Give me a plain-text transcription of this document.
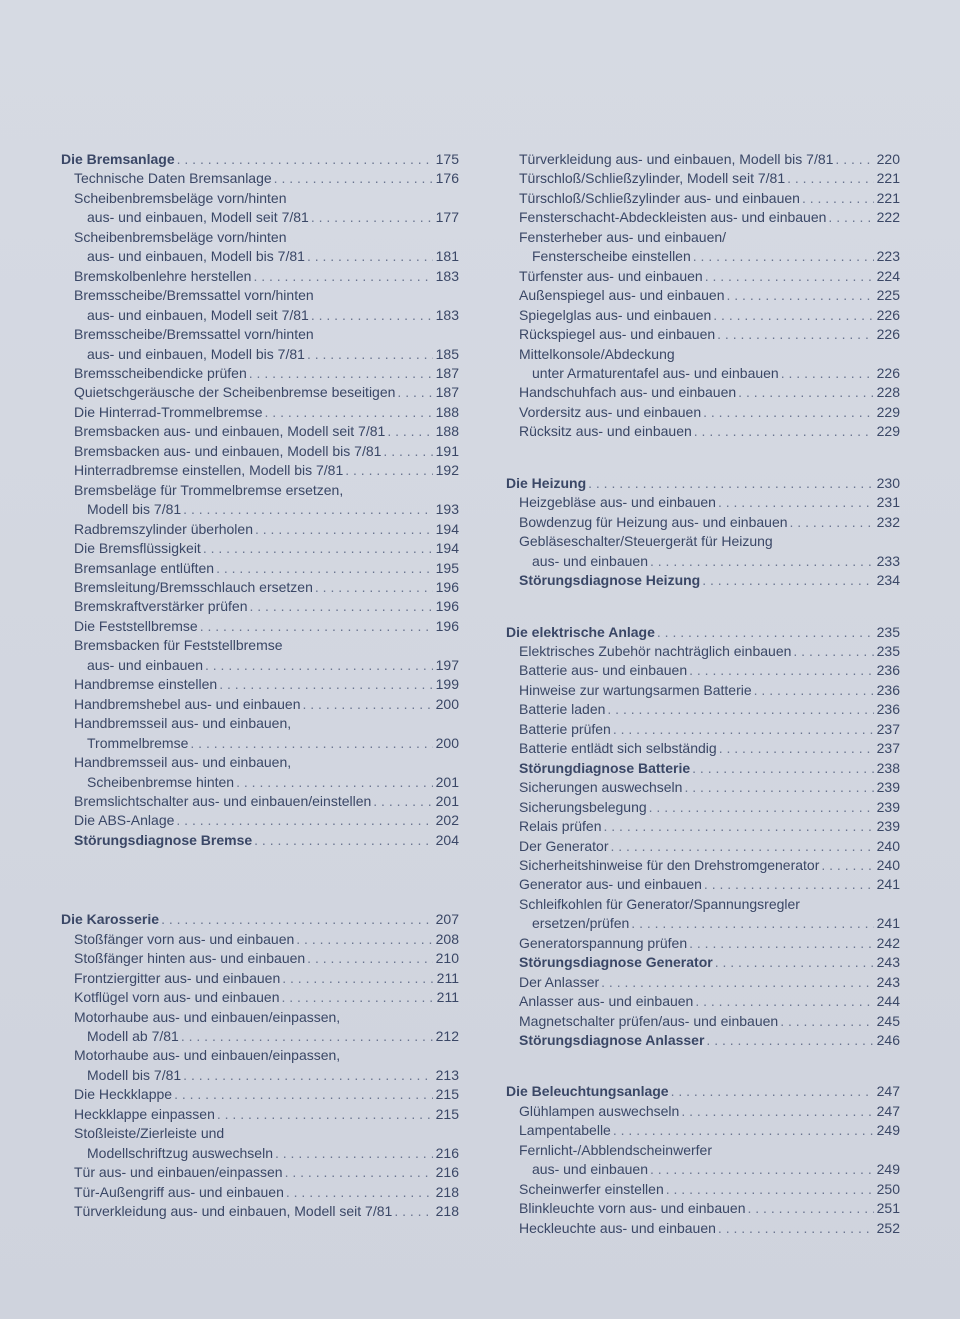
Die Bremsanlage . . .	175
Technische Daten Bremsanlage . . .	176
Scheibenbremsbeläge vorn/hinten
aus- und einbauen, Modell seit 7/81 . . .	177
Scheibenbremsbeläge vorn/hinten
aus- und einbauen, Modell bis 7/81 . . .	181
Bremskolbenlehre herstellen . . .	183
Bremsscheibe/Bremssattel vorn/hinten
aus- und einbauen, Modell seit 7/81 . . .	183
Bremsscheibe/Bremssattel vorn/hinten
aus- und einbauen, Modell bis 7/81 . . .	185
Bremsscheibendicke prüfen . . .	187
Quietschgeräusche der Scheibenbremse beseitigen . . .	187
Die Hinterrad-Trommelbremse . . .	188
Bremsbacken aus- und einbauen, Modell seit 7/81 . . .	188
Bremsbacken aus- und einbauen, Modell bis 7/81 . . .	191
Hinterradbremse einstellen, Modell bis 7/81 . . .	192
Bremsbeläge für Trommelbremse ersetzen,
Modell bis 7/81 . . .	193
Radbremszylinder überholen . . .	194
Die Bremsflüssigkeit . . .	194
Bremsanlage entlüften . . .	195
Bremsleitung/Bremsschlauch ersetzen . . .	196
Bremskraftverstärker prüfen . . .	196
Die Feststellbremse . . .	196
Bremsbacken für Feststellbremse
aus- und einbauen . . .	197
Handbremse einstellen . . .	199
Handbremshebel aus- und einbauen . . .	200
Handbremsseil aus- und einbauen,
Trommelbremse . . .	200
Handbremsseil aus- und einbauen,
Scheibenbremse hinten . . .	201
Bremslichtschalter aus- und einbauen/einstellen . . .	201
Die ABS-Anlage . . .	202
Störungsdiagnose Bremse . . .	204
Die Karosserie . . .	207
Stoßfänger vorn aus- und einbauen . . .	208
Stoßfänger hinten aus- und einbauen . . .	210
Frontziergitter aus- und einbauen . . .	211
Kotflügel vorn aus- und einbauen . . .	211
Motorhaube aus- und einbauen/einpassen,
Modell ab 7/81 . . .	212
Motorhaube aus- und einbauen/einpassen,
Modell bis 7/81 . . .	213
Die Heckklappe . . .	215
Heckklappe einpassen . . .	215
Stoßleiste/Zierleiste und
Modellschriftzug auswechseln . . .	216
Tür aus- und einbauen/einpassen . . .	216
Tür-Außengriff aus- und einbauen . . .	218
Türverkleidung aus- und einbauen, Modell seit 7/81 . . .	218
Türverkleidung aus- und einbauen, Modell bis 7/81 . . .	220
Türschloß/Schließzylinder, Modell seit 7/81 . . .	221
Türschloß/Schließzylinder aus- und einbauen . . .	221
Fensterschacht-Abdeckleisten aus- und einbauen . . .	222
Fensterheber aus- und einbauen/
Fensterscheibe einstellen . . .	223
Türfenster aus- und einbauen . . .	224
Außenspiegel aus- und einbauen . . .	225
Spiegelglas aus- und einbauen . . .	226
Rückspiegel aus- und einbauen . . .	226
Mittelkonsole/Abdeckung
unter Armaturentafel aus- und einbauen . . .	226
Handschuhfach aus- und einbauen . . .	228
Vordersitz aus- und einbauen . . .	229
Rücksitz aus- und einbauen . . .	229
Die Heizung . . .	230
Heizgebläse aus- und einbauen . . .	231
Bowdenzug für Heizung aus- und einbauen . . .	232
Gebläseschalter/Steuergerät für Heizung
aus- und einbauen . . .	233
Störungsdiagnose Heizung . . .	234
Die elektrische Anlage . . .	235
Elektrisches Zubehör nachträglich einbauen . . .	235
Batterie aus- und einbauen . . .	236
Hinweise zur wartungsarmen Batterie . . .	236
Batterie laden . . .	236
Batterie prüfen . . .	237
Batterie entlädt sich selbständig . . .	237
Störungdiagnose Batterie . . .	238
Sicherungen auswechseln . . .	239
Sicherungsbelegung . . .	239
Relais prüfen . . .	239
Der Generator . . .	240
Sicherheitshinweise für den Drehstromgenerator . . .	240
Generator aus- und einbauen . . .	241
Schleifkohlen für Generator/Spannungsregler
ersetzen/prüfen . . .	241
Generatorspannung prüfen . . .	242
Störungsdiagnose Generator . . .	243
Der Anlasser . . .	243
Anlasser aus- und einbauen . . .	244
Magnetschalter prüfen/aus- und einbauen . . .	245
Störungsdiagnose Anlasser . . .	246
Die Beleuchtungsanlage . . .	247
Glühlampen auswechseln . . .	247
Lampentabelle . . .	249
Fernlicht-/Abblendscheinwerfer
aus- und einbauen . . .	249
Scheinwerfer einstellen . . .	250
Blinkleuchte vorn aus- und einbauen . . .	251
Heckleuchte aus- und einbauen . . .	252
